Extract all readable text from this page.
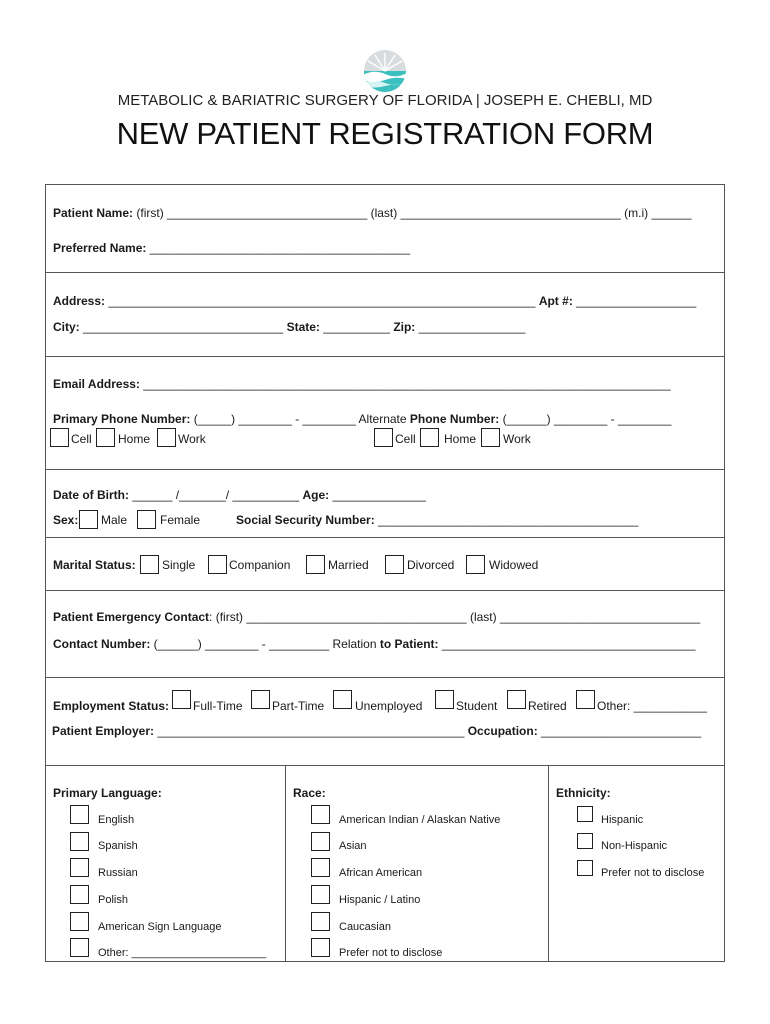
METABOLIC & BARIATRIC SURGERY OF FLORIDA | JOSEPH E. CHEBLI, MD
NEW PATIENT REGISTRATION FORM
Patient Name: (first) ______________________________ (last) _________________________________ (m.i) ______
Preferred Name: _______________________________________
Address: ________________________________________________________________ Apt #: __________________
City: ______________________________ State: __________ Zip: ________________
Email Address: _______________________________________________________________________________
Primary Phone Number: (_____) ________ - ________ Alternate Phone Number: (______) ________ - ________
Cell Home Work	Cell Home Work
Date of Birth: ______ /_______/ __________ Age: ______________
Sex: Male	Female	Social Security Number: _______________________________________
Marital Status: Single	Companion	Married	Divorced	Widowed
Patient Emergency Contact: (first) _________________________________ (last) ______________________________
Contact Number: (______) ________ - _________ Relation to Patient: ______________________________________
Employment Status: Full-Time Part-Time	Unemployed	Student	Retired	Other: ___________
Patient Employer: ______________________________________________ Occupation: ________________________
Primary Language:
English
Spanish
Russian
Polish
American Sign Language
Other: ______________________
Race:
American Indian / Alaskan Native
Asian
African American
Hispanic / Latino
Caucasian
Prefer not to disclose
Ethnicity:
Hispanic
Non-Hispanic
Prefer not to disclose
